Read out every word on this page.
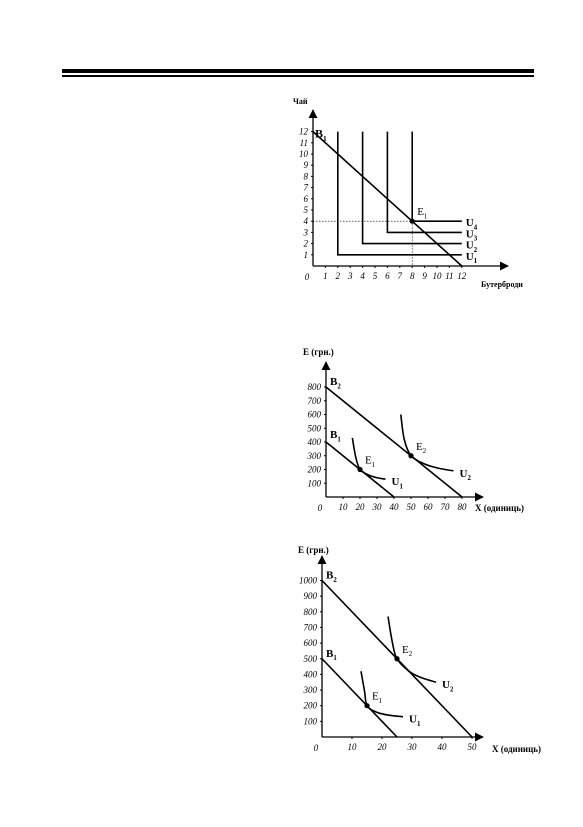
Бутерброди
Чай
0 1 2 3 4 5 6 7 8 9 10 11 12
1
2
3
4
5
6
7
8
9
10
11
12 $B_1$
$U_1$
$U_2$
$U_3$
$U_4$
$E_1$
X (одиниць)
E (грн.)
0 10 20 30 40 50 60 70 80
100
200
300
400
500
600
700
800
$B_1$
$B_2$
$U_1$
$U_2$
$E_1$
$E_2$
X (одиниць)
E (грн.)
0	10 20 30 40 50
100
200
300
400
500
600
700
800
900
1000
$B_1$
$B_2$
$U_1$
$U_2$
$E_1$
$E_2$
